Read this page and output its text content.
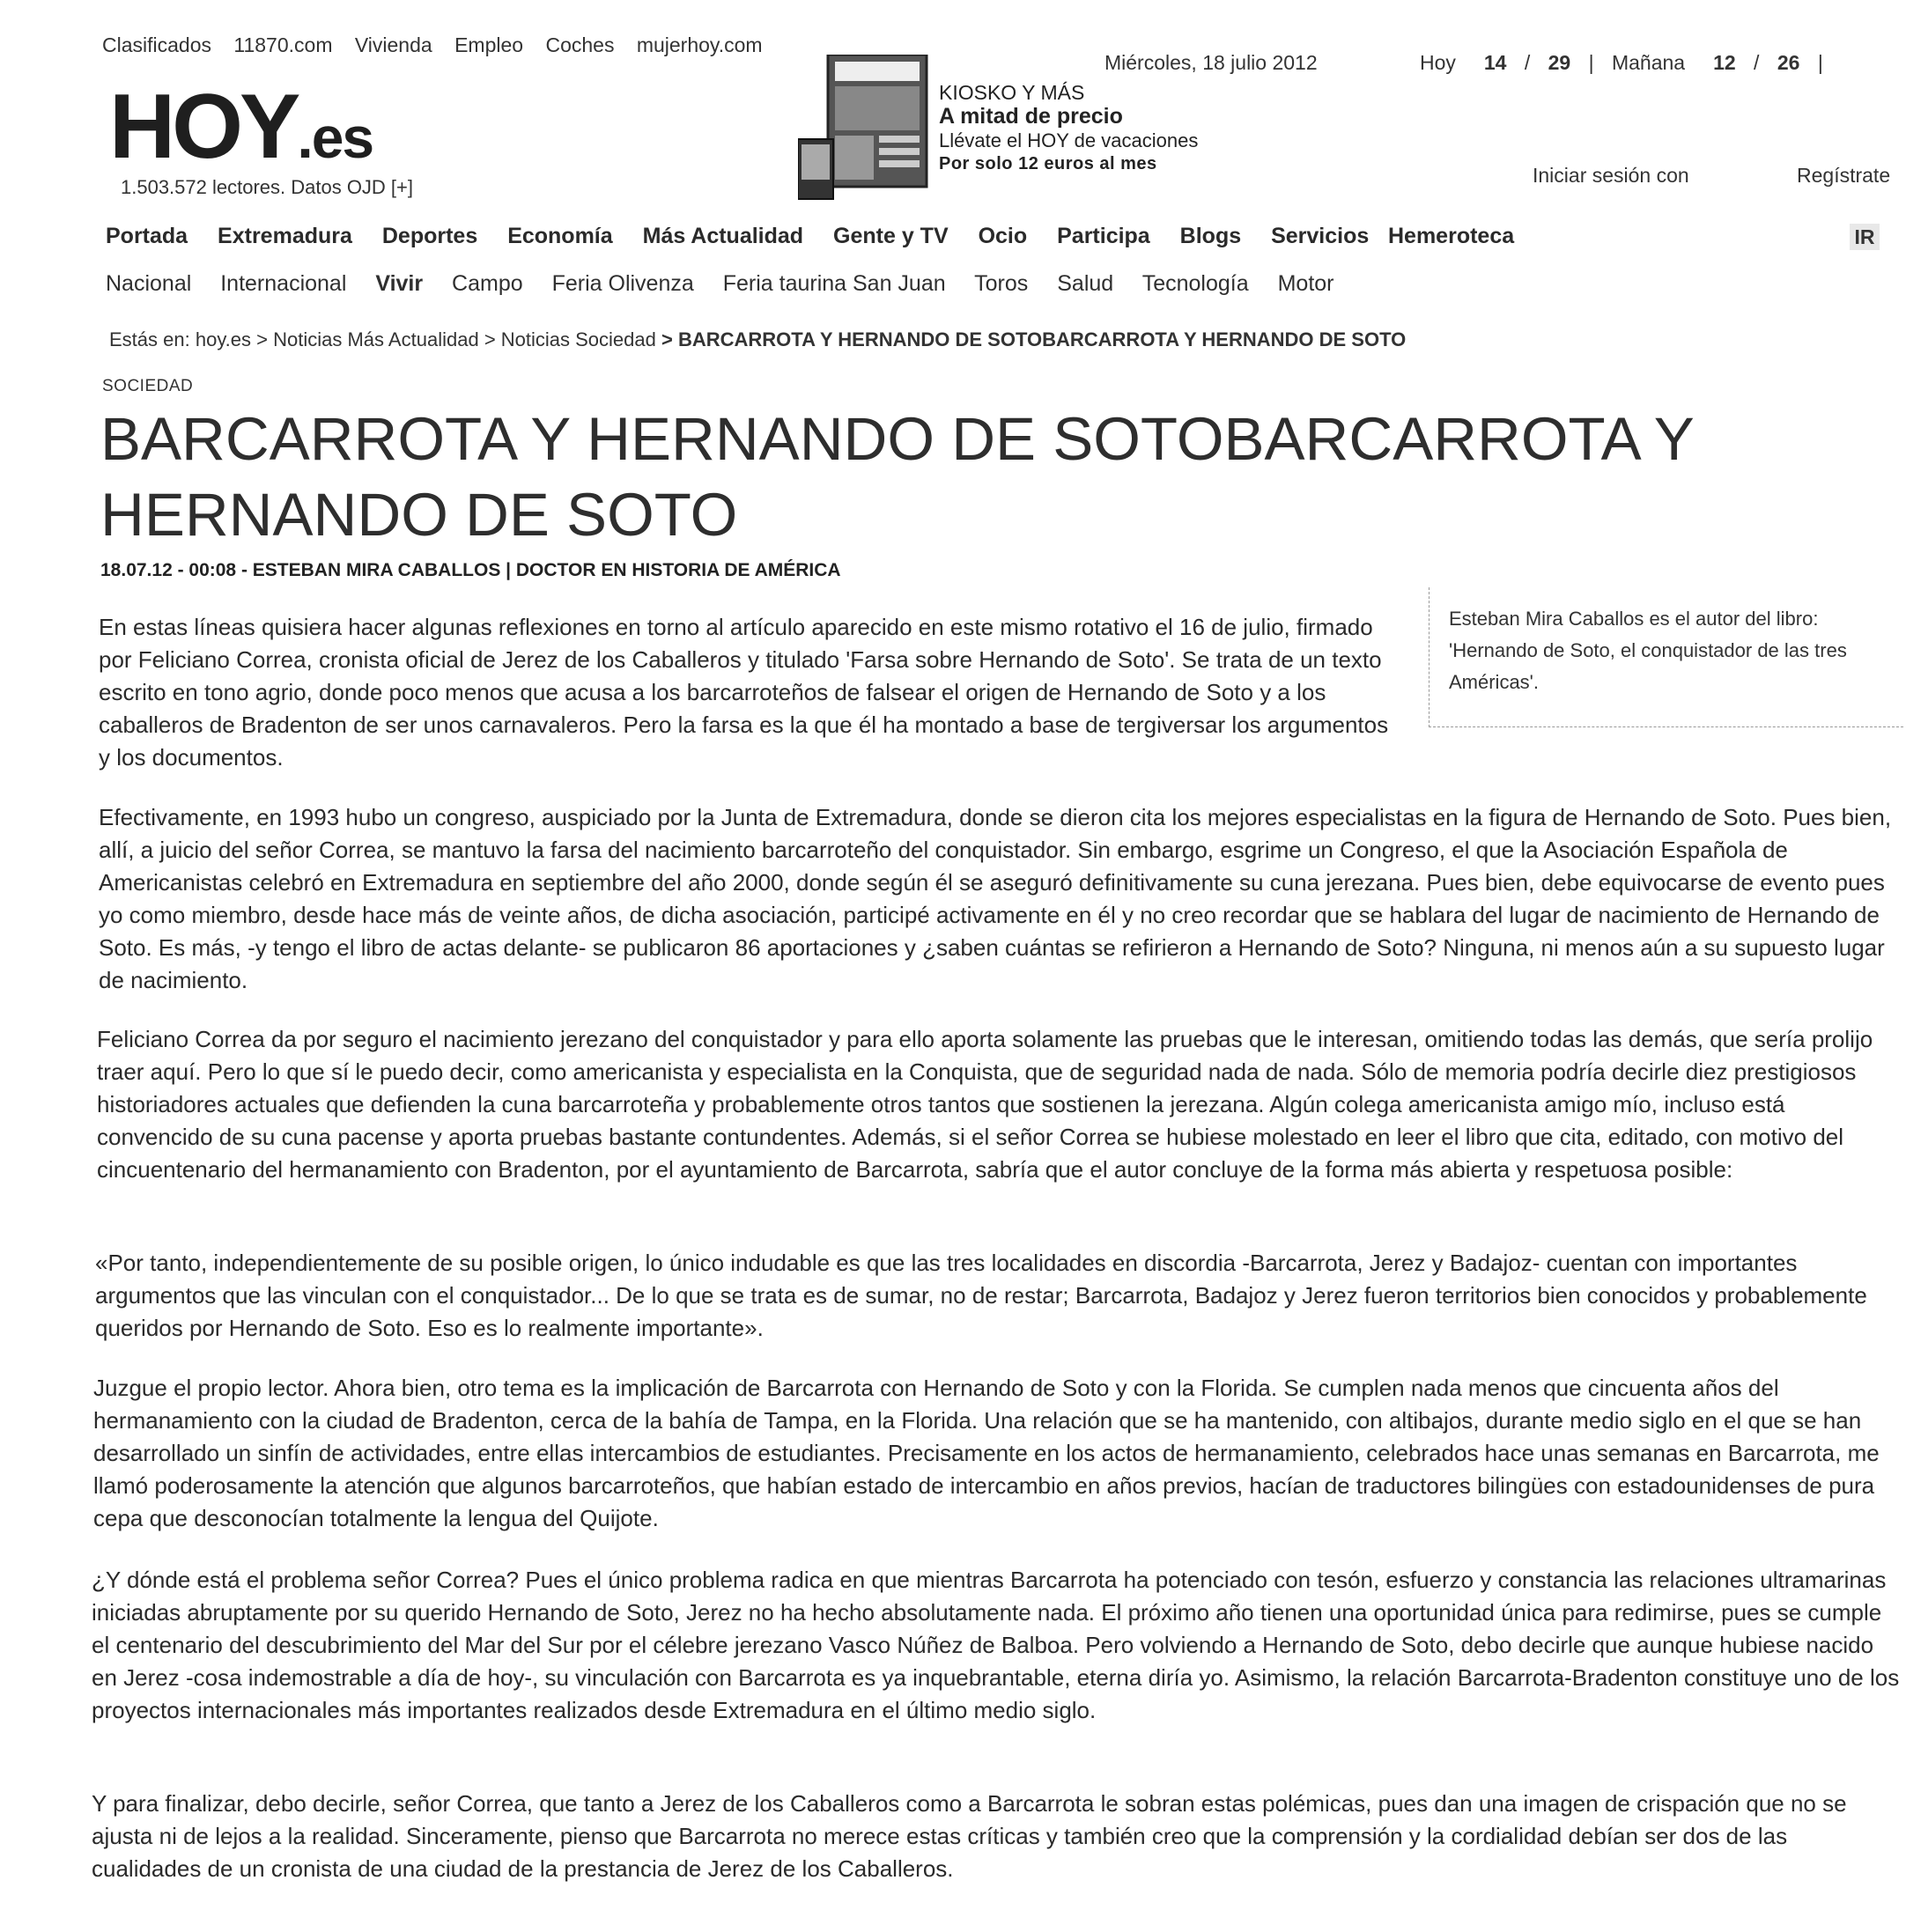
Clasificados 11870.com Vivienda Empleo Coches mujerhoy.com
HOY.es
1.503.572 lectores. Datos OJD [+]
KIOSKO Y MÁS
A mitad de precio
Llévate el HOY de vacaciones
Por solo 12 euros al mes
Miércoles, 18 julio 2012	Hoy 14 / 29 | Mañana 12 / 26 |
Iniciar sesión con	Regístrate
Portada Extremadura Deportes Economía Más Actualidad Gente y TV Ocio Participa Blogs Servicios Hemeroteca	IR
Nacional Internacional Vivir Campo Feria Olivenza Feria taurina San Juan Toros Salud Tecnología Motor
Estás en: hoy.es > Noticias Más Actualidad > Noticias Sociedad > BARCARROTA Y HERNANDO DE SOTOBARCARROTA Y HERNANDO DE SOTO
SOCIEDAD
BARCARROTA Y HERNANDO DE SOTOBARCARROTA Y HERNANDO DE SOTO
18.07.12 - 00:08 - ESTEBAN MIRA CABALLOS | DOCTOR EN HISTORIA DE AMÉRICA

Esteban Mira Caballos es el autor del libro: 'Hernando de Soto, el conquistador de las tres Américas'.

En estas líneas quisiera hacer algunas reflexiones en torno al artículo aparecido en este mismo rotativo el 16 de julio, firmado por Feliciano Correa, cronista oficial de Jerez de los Caballeros y titulado 'Farsa sobre Hernando de Soto'. Se trata de un texto escrito en tono agrio, donde poco menos que acusa a los barcarroteños de falsear el origen de Hernando de Soto y a los caballeros de Bradenton de ser unos carnavaleros. Pero la farsa es la que él ha montado a base de tergiversar los argumentos y los documentos.

Efectivamente, en 1993 hubo un congreso, auspiciado por la Junta de Extremadura, donde se dieron cita los mejores especialistas en la figura de Hernando de Soto. Pues bien, allí, a juicio del señor Correa, se mantuvo la farsa del nacimiento barcarroteño del conquistador. Sin embargo, esgrime un Congreso, el que la Asociación Española de Americanistas celebró en Extremadura en septiembre del año 2000, donde según él se aseguró definitivamente su cuna jerezana. Pues bien, debe equivocarse de evento pues yo como miembro, desde hace más de veinte años, de dicha asociación, participé activamente en él y no creo recordar que se hablara del lugar de nacimiento de Hernando de Soto. Es más, -y tengo el libro de actas delante- se publicaron 86 aportaciones y ¿saben cuántas se refirieron a Hernando de Soto? Ninguna, ni menos aún a su supuesto lugar de nacimiento.

Feliciano Correa da por seguro el nacimiento jerezano del conquistador y para ello aporta solamente las pruebas que le interesan, omitiendo todas las demás, que sería prolijo traer aquí. Pero lo que sí le puedo decir, como americanista y especialista en la Conquista, que de seguridad nada de nada. Sólo de memoria podría decirle diez prestigiosos historiadores actuales que defienden la cuna barcarroteña y probablemente otros tantos que sostienen la jerezana. Algún colega americanista amigo mío, incluso está convencido de su cuna pacense y aporta pruebas bastante contundentes. Además, si el señor Correa se hubiese molestado en leer el libro que cita, editado, con motivo del cincuentenario del hermanamiento con Bradenton, por el ayuntamiento de Barcarrota, sabría que el autor concluye de la forma más abierta y respetuosa posible:

«Por tanto, independientemente de su posible origen, lo único indudable es que las tres localidades en discordia -Barcarrota, Jerez y Badajoz- cuentan con importantes argumentos que las vinculan con el conquistador... De lo que se trata es de sumar, no de restar; Barcarrota, Badajoz y Jerez fueron territorios bien conocidos y probablemente queridos por Hernando de Soto. Eso es lo realmente importante».

Juzgue el propio lector. Ahora bien, otro tema es la implicación de Barcarrota con Hernando de Soto y con la Florida. Se cumplen nada menos que cincuenta años del hermanamiento con la ciudad de Bradenton, cerca de la bahía de Tampa, en la Florida. Una relación que se ha mantenido, con altibajos, durante medio siglo en el que se han desarrollado un sinfín de actividades, entre ellas intercambios de estudiantes. Precisamente en los actos de hermanamiento, celebrados hace unas semanas en Barcarrota, me llamó poderosamente la atención que algunos barcarroteños, que habían estado de intercambio en años previos, hacían de traductores bilingües con estadounidenses de pura cepa que desconocían totalmente la lengua del Quijote.

¿Y dónde está el problema señor Correa? Pues el único problema radica en que mientras Barcarrota ha potenciado con tesón, esfuerzo y constancia las relaciones ultramarinas iniciadas abruptamente por su querido Hernando de Soto, Jerez no ha hecho absolutamente nada. El próximo año tienen una oportunidad única para redimirse, pues se cumple el centenario del descubrimiento del Mar del Sur por el célebre jerezano Vasco Núñez de Balboa. Pero volviendo a Hernando de Soto, debo decirle que aunque hubiese nacido en Jerez -cosa indemostrable a día de hoy-, su vinculación con Barcarrota es ya inquebrantable, eterna diría yo. Asimismo, la relación Barcarrota-Bradenton constituye uno de los proyectos internacionales más importantes realizados desde Extremadura en el último medio siglo.

Y para finalizar, debo decirle, señor Correa, que tanto a Jerez de los Caballeros como a Barcarrota le sobran estas polémicas, pues dan una imagen de crispación que no se ajusta ni de lejos a la realidad. Sinceramente, pienso que Barcarrota no merece estas críticas y también creo que la comprensión y la cordialidad debían ser dos de las cualidades de un cronista de una ciudad de la prestancia de Jerez de los Caballeros.
